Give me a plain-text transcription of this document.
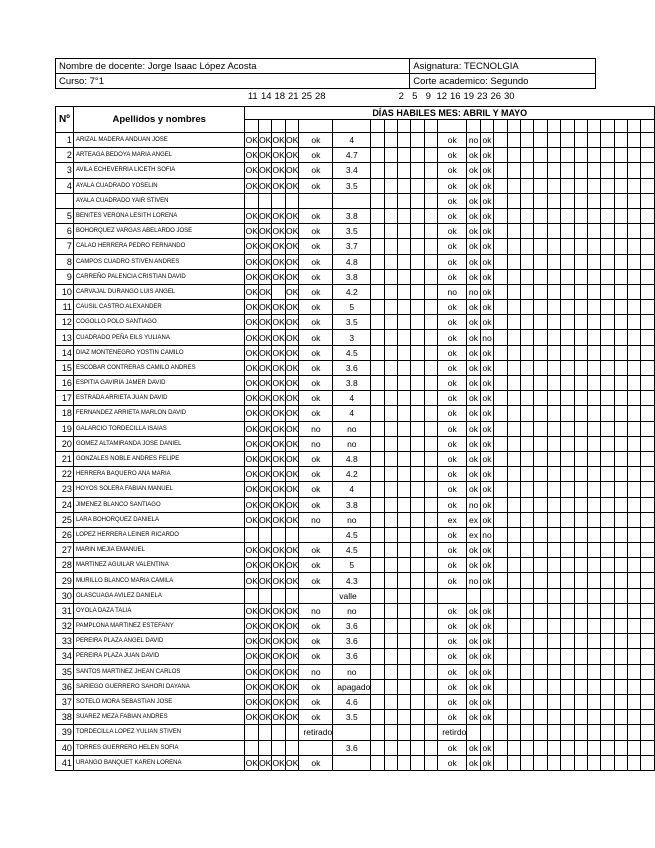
Nombre de docente: Jorge Isaac López Acosta	Asignatura: TECNOLGIA
Curso: 7°1	Corte academico: Segundo
11 14 18 21 25 28	2 5 9 12 16 19 23 26 30
Nº	Apellidos y nombres	DÍAS HABILES MES: ABRIL Y MAYO																									

1	ARIZAL MADERA ANDUAN JOSE	OK	OK	OK	OK	ok	4						ok	no	ok												
2	ARTEAGA BEDOYA MARIA ANGEL	OK	OK	OK	OK	ok	4.7						ok	ok	ok												
3	AVILA ECHEVERRIA LICETH SOFIA	OK	OK	OK	OK	ok	3.4						ok	ok	ok												
4	AYALA CUADRADO YOSELIN	OK	OK	OK	OK	ok	3.5						ok	ok	ok												
	AYALA CUADRADO YAIR STIVEN												ok	ok	ok												
5	BENITES VERONA LESITH LORENA	OK	OK	OK	OK	ok	3.8						ok	ok	ok												
6	BOHORQUEZ VARGAS ABELARDO JOSE	OK	OK	OK	OK	ok	3.5						ok	ok	ok												
7	CALAO HERRERA PEDRO FERNANDO	OK	OK	OK	OK	ok	3.7						ok	ok	ok												
8	CAMPOS CUADRO STIVEN ANDRES	OK	OK	OK	OK	ok	4.8						ok	ok	ok												
9	CARREÑO PALENCIA CRISTIAN DAVID	OK	OK	OK	OK	ok	3.8						ok	ok	ok												
10	CARVAJAL DURANGO LUIS ANGEL	OK	OK		OK	ok	4.2						no	no	ok												
11	CAUSIL CASTRO ALEXANDER	OK	OK	OK	OK	ok	5						ok	ok	ok												
12	COGOLLO POLO SANTIAGO	OK	OK	OK	OK	ok	3.5						ok	ok	ok												
13	CUADRADO PEÑA EILS YULIANA	OK	OK	OK	OK	ok	3						ok	ok	no												
14	DIAZ MONTENEGRO YOSTIN CAMILO	OK	OK	OK	OK	ok	4.5						ok	ok	ok												
15	ESCOBAR CONTRERAS CAMILO ANDRES	OK	OK	OK	OK	ok	3.6						ok	ok	ok												
16	ESPITIA GAVIRIA JAMER DAVID	OK	OK	OK	OK	ok	3.8						ok	ok	ok												
17	ESTRADA ARRIETA JUAN DAVID	OK	OK	OK	OK	ok	4						ok	ok	ok												
18	FERNANDEZ ARRIETA MARLON DAVID	OK	OK	OK	OK	ok	4						ok	ok	ok												
19	GALARCIO TORDECILLA ISAIAS	OK	OK	OK	OK	no	no						ok	ok	ok												
20	GOMEZ ALTAMIRANDA JOSE DANIEL	OK	OK	OK	OK	no	no						ok	ok	ok												
21	GONZALES NOBLE ANDRES FELIPE	OK	OK	OK	OK	ok	4.8						ok	ok	ok												
22	HERRERA BAQUERO ANA MARIA	OK	OK	OK	OK	ok	4.2						ok	ok	ok												
23	HOYOS SOLERA FABIAN MANUEL	OK	OK	OK	OK	ok	4						ok	ok	ok												
24	JIMENEZ BLANCO SANTIAGO	OK	OK	OK	OK	ok	3.8						ok	no	ok												
25	LARA BOHORQUEZ DANIELA	OK	OK	OK	OK	no	no						ex	ex	ok												
26	LOPEZ HERRERA LEINER RICARDO						4.5						ok	ex	no												
27	MARIN MEJIA EMANUEL	OK	OK	OK	OK	ok	4.5						ok	ok	ok												
28	MARTINEZ AGUILAR VALENTINA	OK	OK	OK	OK	ok	5						ok	ok	ok												
29	MURILLO BLANCO MARIA CAMILA	OK	OK	OK	OK	ok	4.3						ok	no	ok												
30	OLASCUAGA AVILEZ DANIELA						valle																				
31	OYOLA DAZA TALIA	OK	OK	OK	OK	no	no						ok	ok	ok												
32	PAMPLONA MARTINEZ ESTEFANY	OK	OK	OK	OK	ok	3.6						ok	ok	ok												
33	PEREIRA PLAZA ANGEL DAVID	OK	OK	OK	OK	ok	3.6						ok	ok	ok												
34	PEREIRA PLAZA JUAN DAVID	OK	OK	OK	OK	ok	3.6						ok	ok	ok												
35	SANTOS MARTINEZ JHEAN CARLOS	OK	OK	OK	OK	no	no						ok	ok	ok												
36	SARIEGO GUERRERO SAHORI DAYANA	OK	OK	OK	OK	ok	apagado						ok	ok	ok												
37	SOTELO MORA SEBASTIAN JOSE	OK	OK	OK	OK	ok	4.6						ok	ok	ok												
38	SUAREZ MEZA FABIAN ANDRES	OK	OK	OK	OK	ok	3.5						ok	ok	ok												
39	TORDECILLA LOPEZ YULIAN STIVEN					retirado							retirdo														
40	TORRES GUERRERO HELEN SOFIA						3.6						ok	ok	ok												
41	URANGO BANQUET KAREN LORENA	OK	OK	OK	OK	ok							ok	ok	ok												
